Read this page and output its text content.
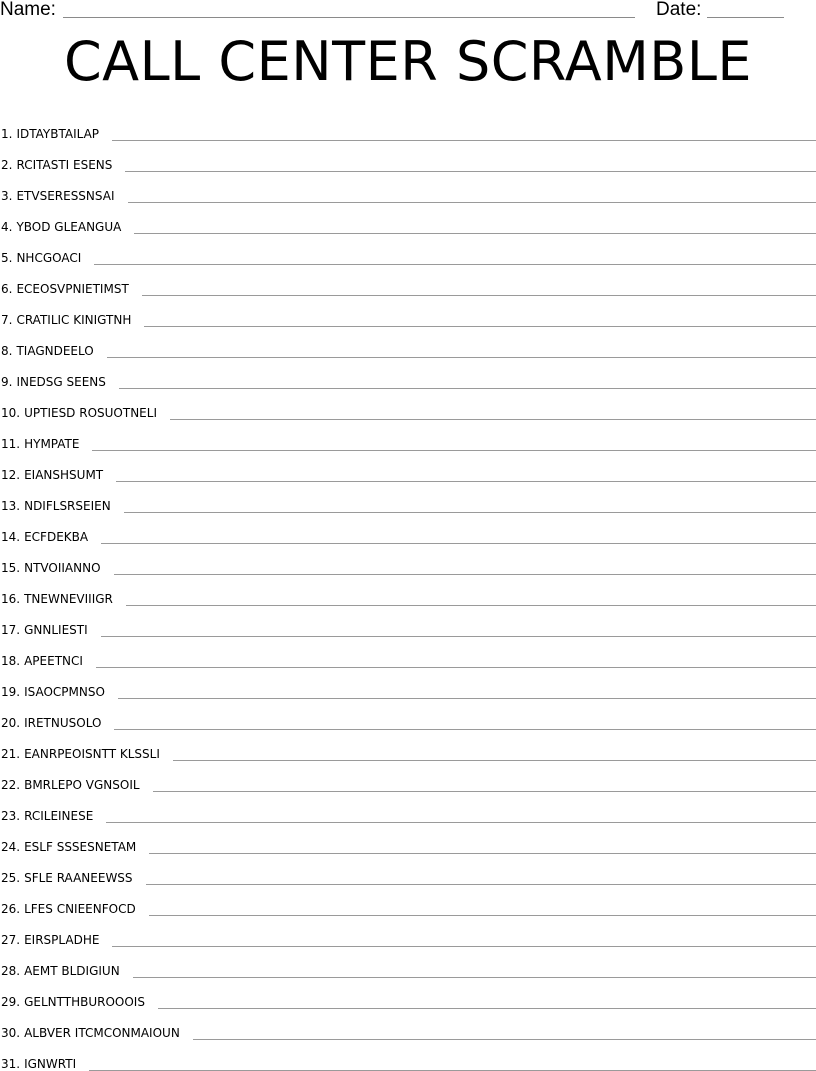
Name:	Date:
CALL CENTER SCRAMBLE
1. IDTAYBTAILAP
2. RCITASTI ESENS
3. ETVSERESSNSAI
4. YBOD GLEANGUA
5. NHCGOACI
6. ECEOSVPNIETIMST
7. CRATILIC KINIGTNH
8. TIAGNDEELO
9. INEDSG SEENS
10. UPTIESD ROSUOTNELI
11. HYMPATE
12. EIANSHSUMT
13. NDIFLSRSEIEN
14. ECFDEKBA
15. NTVOIIANNO
16. TNEWNEVIIIGR
17. GNNLIESTI
18. APEETNCI
19. ISAOCPMNSO
20. IRETNUSOLO
21. EANRPEOISNTT KLSSLI
22. BMRLEPO VGNSOIL
23. RCILEINESE
24. ESLF SSSESNETAM
25. SFLE RAANEEWSS
26. LFES CNIEENFOCD
27. EIRSPLADHE
28. AEMT BLDIGIUN
29. GELNTTHBUROOOIS
30. ALBVER ITCMCONMAIOUN
31. IGNWRTI
